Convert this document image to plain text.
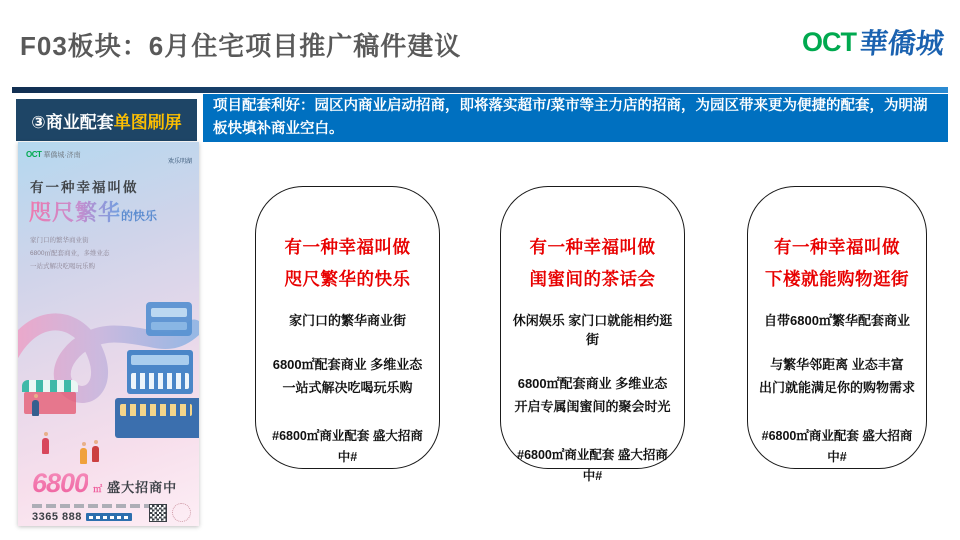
F03板块：6月住宅项目推广稿件建议	OCT 華僑城
③商业配套 单图刷屏

项目配套利好：园区内商业启动招商，即将落实超市/菜市等主力店的招商，为园区带来更为便捷的配套，为明湖板快填补商业空白。

OCT 華僑城·济南
欢乐明湖
有一种幸福叫做
咫尺繁华的快乐
家门口的繁华商业街
6800㎡配套商业，多维业态
一站式解决吃喝玩乐购
6800 ㎡ 盛大招商中
3365 888
有一种幸福叫做
咫尺繁华的快乐
家门口的繁华商业街
6800㎡配套商业 多维业态
一站式解决吃喝玩乐购
#6800㎡商业配套 盛大招商中#
有一种幸福叫做
闺蜜间的茶话会
休闲娱乐 家门口就能相约逛街
6800㎡配套商业 多维业态
开启专属闺蜜间的聚会时光
#6800㎡商业配套 盛大招商中#
有一种幸福叫做
下楼就能购物逛街
自带6800㎡繁华配套商业
与繁华邻距离 业态丰富
出门就能满足你的购物需求
#6800㎡商业配套 盛大招商中#
